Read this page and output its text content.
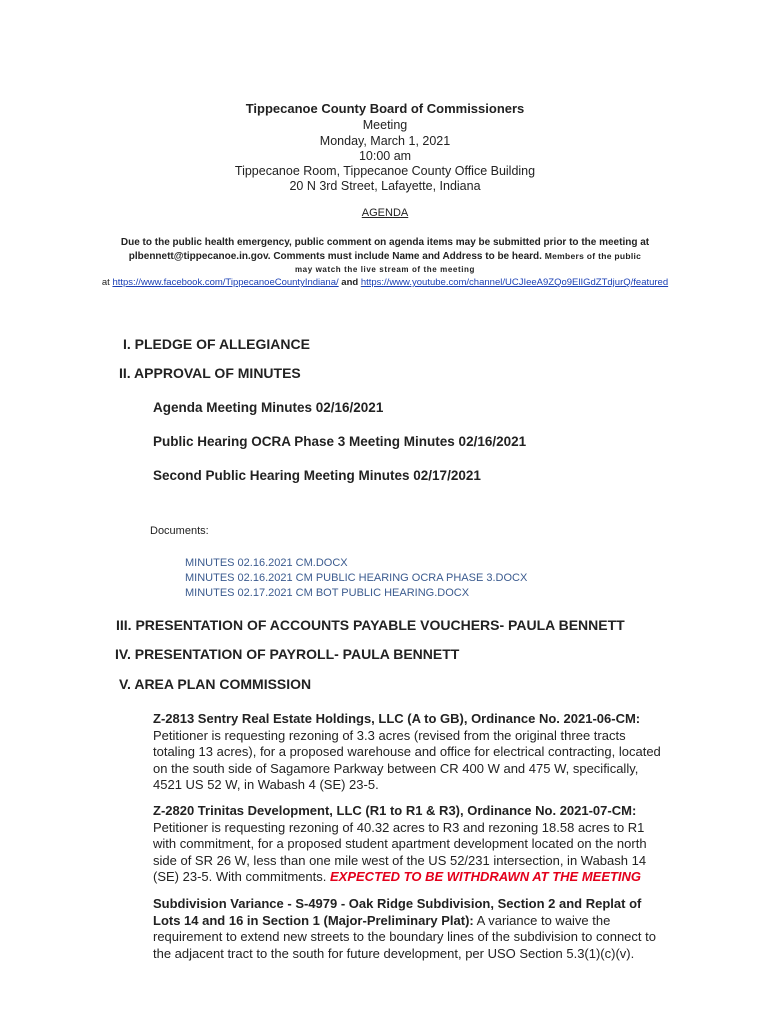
Tippecanoe County Board of Commissioners
Meeting
Monday, March 1, 2021
10:00 am
Tippecanoe Room, Tippecanoe County Office Building
20 N 3rd Street, Lafayette, Indiana
AGENDA
Due to the public health emergency, public comment on agenda items may be submitted prior to the meeting at
plbennett@tippecanoe.in.gov. Comments must include Name and Address to be heard. Members of the public
may watch the live stream of the meeting
at https://www.facebook.com/TippecanoeCountyIndiana/ and https://www.youtube.com/channel/UCJIeeA9ZQo9ElIGdZTdjurQ/featured
I. PLEDGE OF ALLEGIANCE
II. APPROVAL OF MINUTES
Agenda Meeting Minutes 02/16/2021
Public Hearing OCRA Phase 3 Meeting Minutes 02/16/2021
Second Public Hearing Meeting Minutes 02/17/2021
Documents:
MINUTES 02.16.2021 CM.DOCX
MINUTES 02.16.2021 CM PUBLIC HEARING OCRA PHASE 3.DOCX
MINUTES 02.17.2021 CM BOT PUBLIC HEARING.DOCX
III. PRESENTATION OF ACCOUNTS PAYABLE VOUCHERS- PAULA BENNETT
IV. PRESENTATION OF PAYROLL- PAULA BENNETT
V. AREA PLAN COMMISSION
Z-2813 Sentry Real Estate Holdings, LLC (A to GB), Ordinance No. 2021-06-CM: Petitioner is requesting rezoning of 3.3 acres (revised from the original three tracts totaling 13 acres), for a proposed warehouse and office for electrical contracting, located on the south side of Sagamore Parkway between CR 400 W and 475 W, specifically, 4521 US 52 W, in Wabash 4 (SE) 23-5.
Z-2820 Trinitas Development, LLC (R1 to R1 & R3), Ordinance No. 2021-07-CM: Petitioner is requesting rezoning of 40.32 acres to R3 and rezoning 18.58 acres to R1 with commitment, for a proposed student apartment development located on the north side of SR 26 W, less than one mile west of the US 52/231 intersection, in Wabash 14 (SE) 23-5. With commitments. EXPECTED TO BE WITHDRAWN AT THE MEETING
Subdivision Variance - S-4979 - Oak Ridge Subdivision, Section 2 and Replat of Lots 14 and 16 in Section 1 (Major-Preliminary Plat): A variance to waive the requirement to extend new streets to the boundary lines of the subdivision to connect to the adjacent tract to the south for future development, per USO Section 5.3(1)(c)(v).
